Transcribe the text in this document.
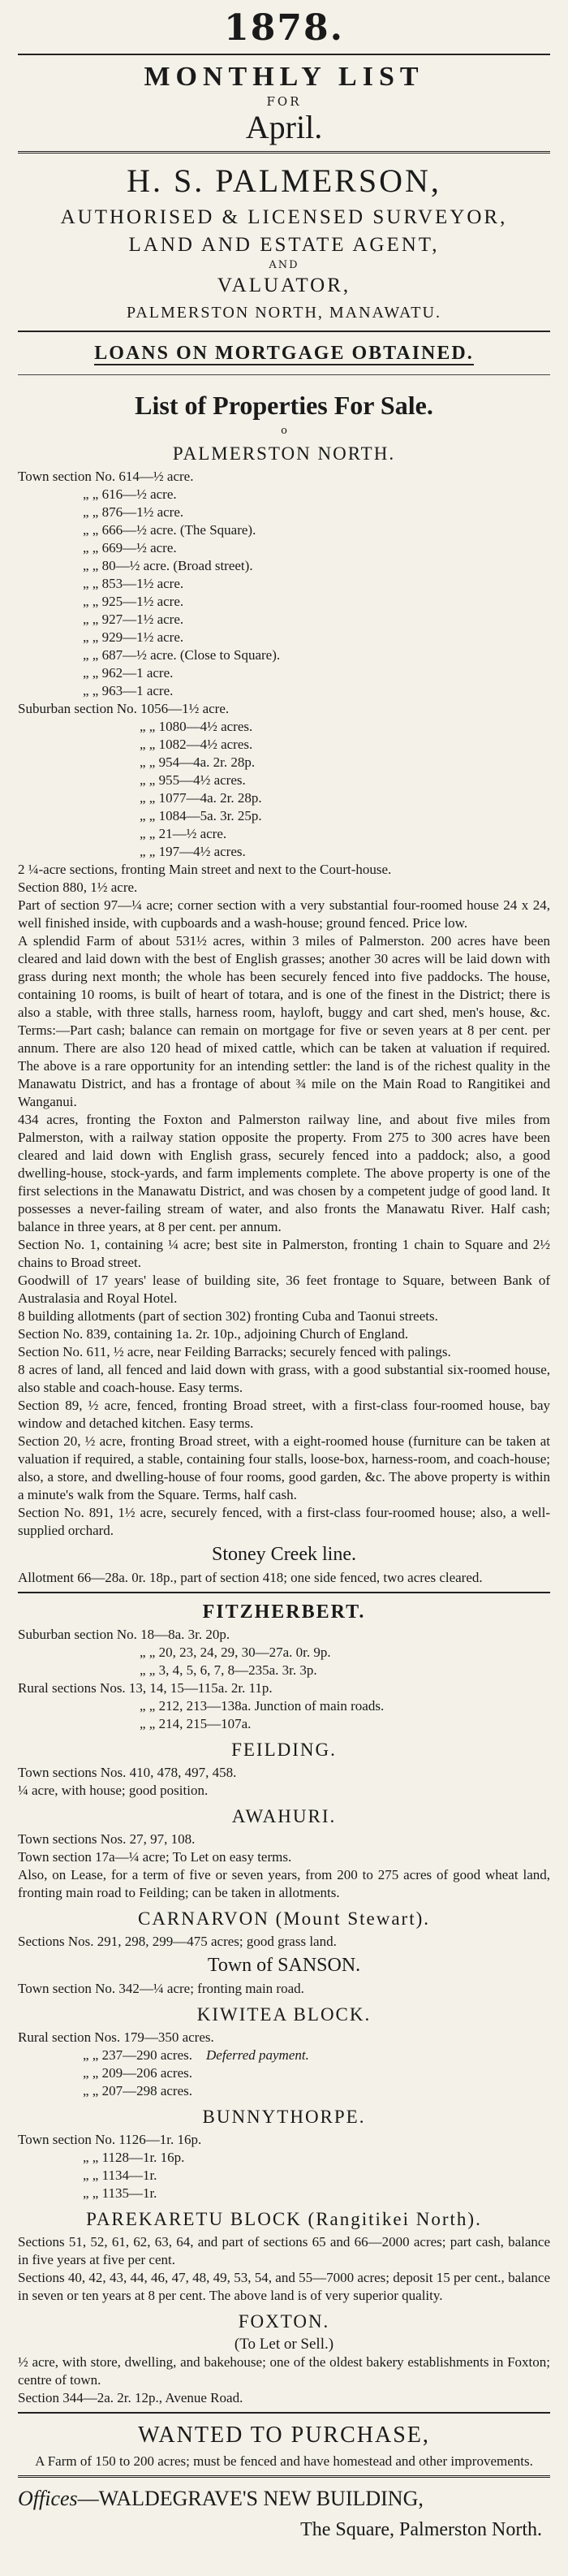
1878.
MONTHLY LIST
FOR
April.
H. S. PALMERSON,
AUTHORISED & LICENSED SURVEYOR,
LAND AND ESTATE AGENT,
AND
VALUATOR,
PALMERSTON NORTH, MANAWATU.
LOANS ON MORTGAGE OBTAINED.
List of Properties For Sale.
o
PALMERSTON NORTH.
Town section No. 614—½ acre.
„ „ 616—½ acre.
„ „ 876—1½ acre.
„ „ 666—½ acre. (The Square).
„ „ 669—½ acre.
„ „ 80—½ acre. (Broad street).
„ „ 853—1½ acre.
„ „ 925—1½ acre.
„ „ 927—1½ acre.
„ „ 929—1½ acre.
„ „ 687—½ acre. (Close to Square).
„ „ 962—1 acre.
„ „ 963—1 acre.
Suburban section No. 1056—1½ acre.
„ „ 1080—4½ acres.
„ „ 1082—4½ acres.
„ „ 954—4a. 2r. 28p.
„ „ 955—4½ acres.
„ „ 1077—4a. 2r. 28p.
„ „ 1084—5a. 3r. 25p.
„ „ 21—½ acre.
„ „ 197—4½ acres.
2 ¼-acre sections, fronting Main street and next to the Court-house.
Section 880, 1½ acre.
Part of section 97—¼ acre; corner section with a very substantial four-roomed house 24 x 24, well finished inside, with cupboards and a wash-house; ground fenced. Price low.
A splendid Farm of about 531½ acres, within 3 miles of Palmerston. 200 acres have been cleared and laid down with the best of English grasses; another 30 acres will be laid down with grass during next month; the whole has been securely fenced into five paddocks. The house, containing 10 rooms, is built of heart of totara, and is one of the finest in the District; there is also a stable, with three stalls, harness room, hayloft, buggy and cart shed, men's house, &c. Terms:—Part cash; balance can remain on mortgage for five or seven years at 8 per cent. per annum. There are also 120 head of mixed cattle, which can be taken at valuation if required. The above is a rare opportunity for an intending settler: the land is of the richest quality in the Manawatu District, and has a frontage of about ¾ mile on the Main Road to Rangitikei and Wanganui.
434 acres, fronting the Foxton and Palmerston railway line, and about five miles from Palmerston, with a railway station opposite the property. From 275 to 300 acres have been cleared and laid down with English grass, securely fenced into a paddock; also, a good dwelling-house, stock-yards, and farm implements complete. The above property is one of the first selections in the Manawatu District, and was chosen by a competent judge of good land. It possesses a never-failing stream of water, and also fronts the Manawatu River. Half cash; balance in three years, at 8 per cent. per annum.
Section No. 1, containing ¼ acre; best site in Palmerston, fronting 1 chain to Square and 2½ chains to Broad street.
Goodwill of 17 years' lease of building site, 36 feet frontage to Square, between Bank of Australasia and Royal Hotel.
8 building allotments (part of section 302) fronting Cuba and Taonui streets.
Section No. 839, containing 1a. 2r. 10p., adjoining Church of England.
Section No. 611, ½ acre, near Feilding Barracks; securely fenced with palings.
8 acres of land, all fenced and laid down with grass, with a good substantial six-roomed house, also stable and coach-house. Easy terms.
Section 89, ½ acre, fenced, fronting Broad street, with a first-class four-roomed house, bay window and detached kitchen. Easy terms.
Section 20, ½ acre, fronting Broad street, with a eight-roomed house (furniture can be taken at valuation if required, a stable, containing four stalls, loose-box, harness-room, and coach-house; also, a store, and dwelling-house of four rooms, good garden, &c. The above property is within a minute's walk from the Square. Terms, half cash.
Section No. 891, 1½ acre, securely fenced, with a first-class four-roomed house; also, a well-supplied orchard.
Stoney Creek line.
Allotment 66—28a. 0r. 18p., part of section 418; one side fenced, two acres cleared.
FITZHERBERT.
Suburban section No. 18—8a. 3r. 20p.
„ „ 20, 23, 24, 29, 30—27a. 0r. 9p.
„ „ 3, 4, 5, 6, 7, 8—235a. 3r. 3p.
Rural sections Nos. 13, 14, 15—115a. 2r. 11p.
„ „ 212, 213—138a. Junction of main roads.
„ „ 214, 215—107a.
FEILDING.
Town sections Nos. 410, 478, 497, 458.
¼ acre, with house; good position.
AWAHURI.
Town sections Nos. 27, 97, 108.
Town section 17a—¼ acre; To Let on easy terms.
Also, on Lease, for a term of five or seven years, from 200 to 275 acres of good wheat land, fronting main road to Feilding; can be taken in allotments.
CARNARVON (Mount Stewart).
Sections Nos. 291, 298, 299—475 acres; good grass land.
Town of SANSON.
Town section No. 342—¼ acre; fronting main road.
KIWITEA BLOCK.
Rural section Nos. 179—350 acres.
„ „ 237—290 acres. Deferred payment.
„ „ 209—206 acres.
„ „ 207—298 acres.
BUNNYTHORPE.
Town section No. 1126—1r. 16p.
„ „ 1128—1r. 16p.
„ „ 1134—1r.
„ „ 1135—1r.
PAREKARETU BLOCK (Rangitikei North).
Sections 51, 52, 61, 62, 63, 64, and part of sections 65 and 66—2000 acres; part cash, balance in five years at five per cent.
Sections 40, 42, 43, 44, 46, 47, 48, 49, 53, 54, and 55—7000 acres; deposit 15 per cent., balance in seven or ten years at 8 per cent. The above land is of very superior quality.
FOXTON.
(To Let or Sell.)
½ acre, with store, dwelling, and bakehouse; one of the oldest bakery establishments in Foxton; centre of town.
Section 344—2a. 2r. 12p., Avenue Road.
WANTED TO PURCHASE,
A Farm of 150 to 200 acres; must be fenced and have homestead and other improvements.
Offices—WALDEGRAVE'S NEW BUILDING,
The Square, Palmerston North.
